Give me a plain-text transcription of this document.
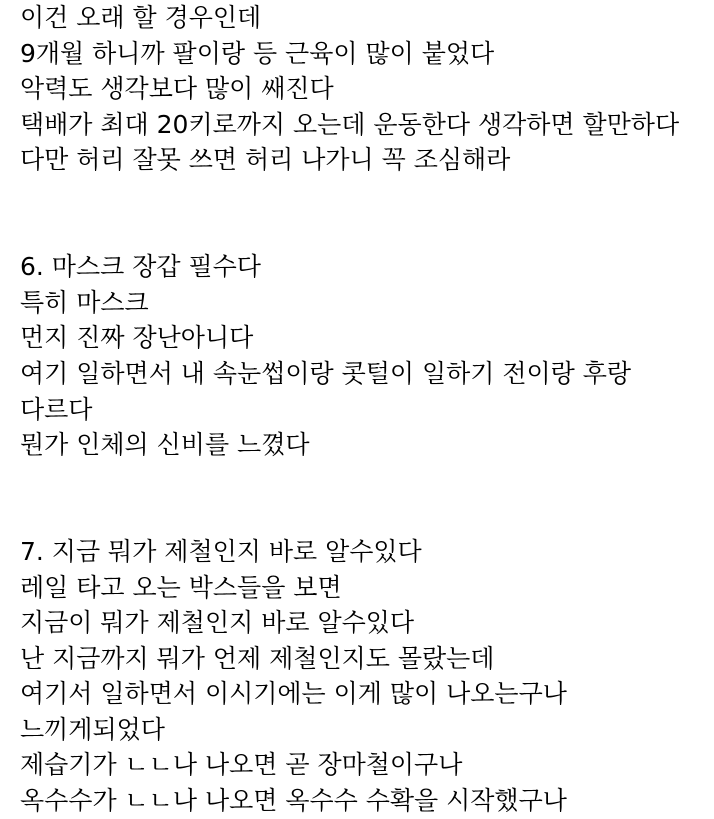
이건 오래 할 경우인데
9개월 하니까 팔이랑 등 근육이 많이 붙었다
악력도 생각보다 많이 쌔진다
택배가 최대 20키로까지 오는데 운동한다 생각하면 할만하다
다만 허리 잘못 쓰면 허리 나가니 꼭 조심해라
6. 마스크 장갑 필수다
특히 마스크
먼지 진짜 장난아니다
여기 일하면서 내 속눈썹이랑 콧털이 일하기 전이랑 후랑
다르다
뭔가 인체의 신비를 느꼈다
7. 지금 뭐가 제철인지 바로 알수있다
레일 타고 오는 박스들을 보면
지금이 뭐가 제철인지 바로 알수있다
난 지금까지 뭐가 언제 제철인지도 몰랐는데
여기서 일하면서 이시기에는 이게 많이 나오는구나
느끼게되었다
제습기가 ㄴㄴ나 나오면 곧 장마철이구나
옥수수가 ㄴㄴ나 나오면 옥수수 수확을 시작했구나
